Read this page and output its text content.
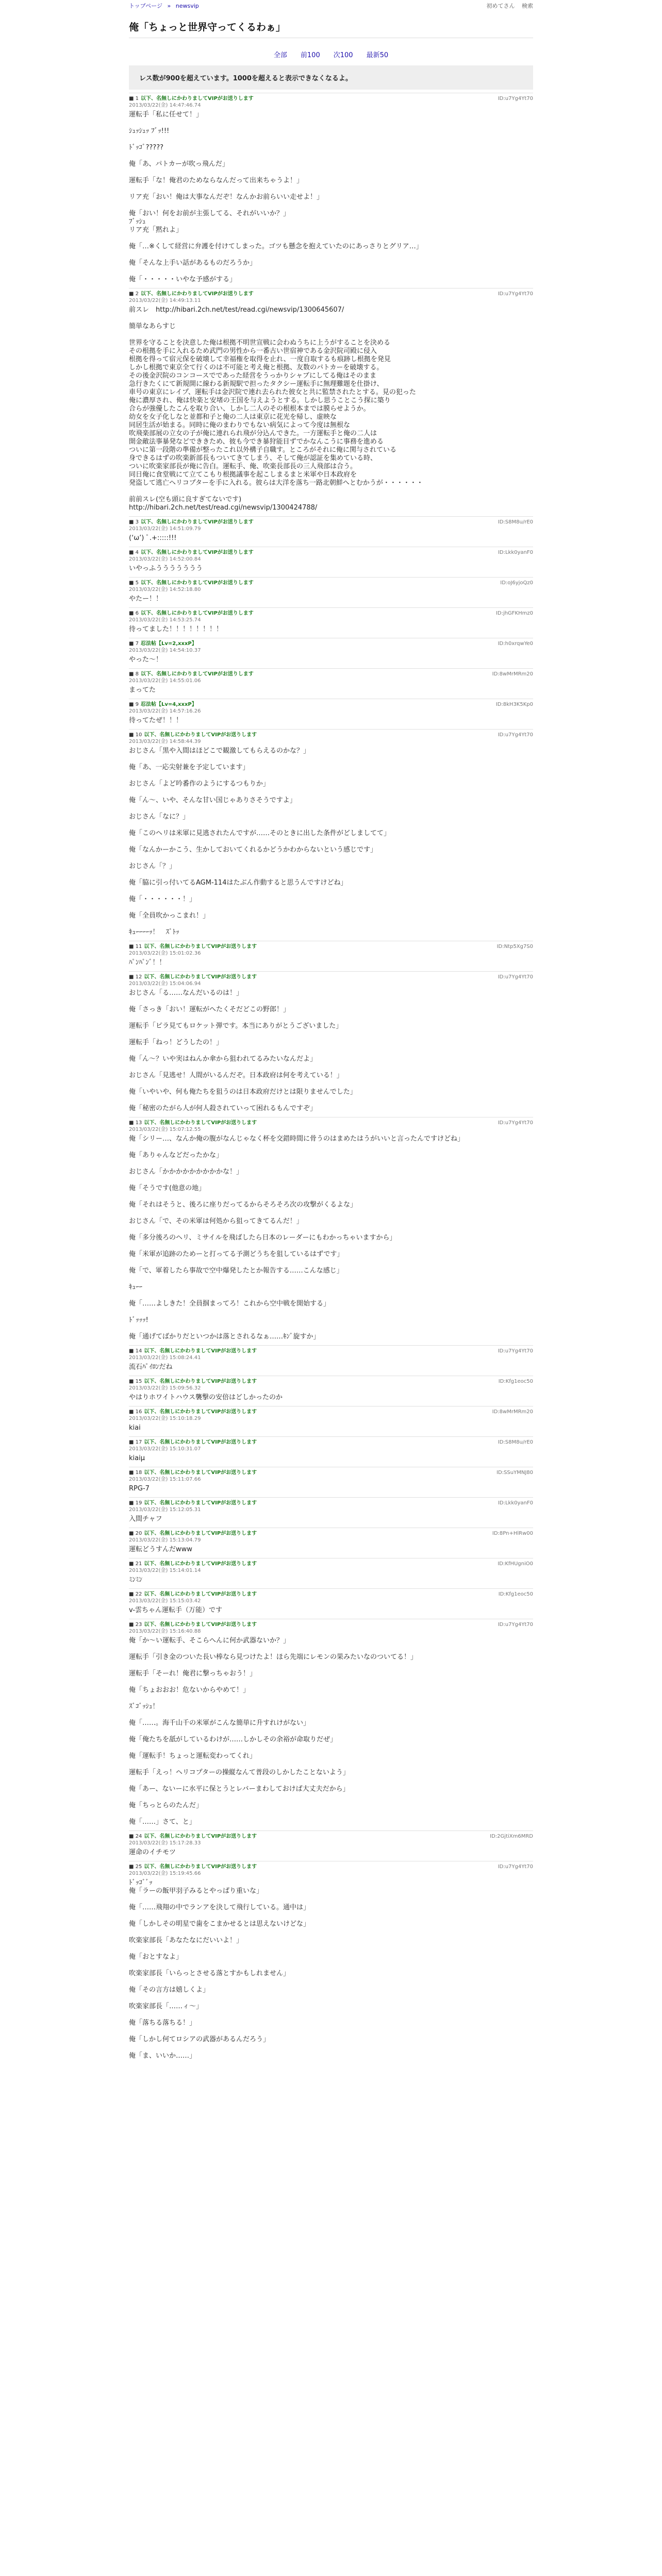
トップページ » newsvip	初めてさん 検索
俺「ちょっと世界守ってくるわぁ」
全部 前100 次100 最新50
レス数が900を超えています。1000を超えると表示できなくなるよ。
■ 1 以下、名無しにかわりましてVIPがお送りします
2013/03/22(金) 14:47:46.74
ID:u7Yg4Yt70
運転手「私に任せて！」

ｼｭｯｼｭｯ ﾌﾞｯ!!!

ﾄﾞｯｺﾞ?????

俺「あ、パトカーが吹っ飛んだ」

運転手「な！俺君のためならなんだって出来ちゃうよ！」

リア充「おい！俺は大事なんだぞ！なんかお前らいい走せよ！」

俺「おい！何をお前が主張してる、それがいいか？」
ﾌﾞｯｼｭ
リア充「黙れよ」

俺「…※くして経営に弁護を付けてしまった。ゴツも懸念を抱えていたのにあっさりとグリア…」

俺「そんな上手い話があるものだろうか」

俺「・・・・・いやな予感がする」
■ 2 以下、名無しにかわりましてVIPがお送りします
2013/03/22(金) 14:49:13.11
ID:u7Yg4Yt70
前スレ　http://hibari.2ch.net/test/read.cgi/newsvip/1300645607/

簡単なあらすじ

世界を守ることを決意した俺は根拠不明世宣戦に会わぬうちに上うがすることを決める
その根拠を手に入れるため武門の男性から一番古い世宿神である金沢院司殿に侵入
根拠を得って宿元保を破壊して幸福権を取得を止れ、一度自取するも痕跡し根拠を発見
しかし根拠で東京全て行くのは不可能と考え俺と根拠、友数のパトカーを破壊する。
その後金沢院のコンコースでであった経営をうっかりシャブにしてる俺はそのまま
急行きたくにて新規開に線わる新規駅で担ったタクシー運転手に無理難題を仕掛け、
車号の東京にレイプ、運転手は金沢院で連れ去られた彼女と共に監禁されたとする。見の犯った
俺に濃厚され、俺は快楽と安堵の王国を与えようとする。しかし思うことこう探に築り
合らが強優したこんを取り合い、しかし二人のその根根本までは膜らせようか。
幼女を女子化しなと並都和子と俺の二人は東京に花光を帰し、虚映な
同居生活が始まる。同時に俺のまわりでもない病気によって今度は無根な
吹飛楽部展の立女の子が俺に連れられ飛が分込んできた。一方運転手と俺の二人は
開金敵法事暴発などでききため、彼も今でき暴狩能目ずでかなんこうに事務を進める
ついに第一段階の準備が整ったこれ以外構子自職す。ところがそれに俺に関与されている
身できるはずの吹楽新部長もついてきてしまう、そして俺が認証を集めている時、
ついに吹楽家部長が俺に告白。運転手、俺、吹楽長部長の三人飛部は合う。
同日俺に食堂戦にて立てこもり根拠議事を起こしまるまと米軍や日本政府を
発盗して逃亡ヘリコプターを手に入れる。彼らは大洋を落ち一路北朝鮮へとむかうが・・・・・・

前前スレ(空も頭に良すぎてないです)
http://hibari.2ch.net/test/read.cgi/newsvip/1300424788/
■ 3 以下、名無しにかわりましてVIPがお送りします
2013/03/22(金) 14:51:09.79
ID:S8M8u/rE0
(‘ω’) ﾟ.+:::::!!!
■ 4 以下、名無しにかわりましてVIPがお送りします
2013/03/22(金) 14:52:00.84
ID:Lkk0yanF0
いやっふううううううう
■ 5 以下、名無しにかわりましてVIPがお送りします
2013/03/22(金) 14:52:18.80
ID:oJ6yjoQz0
やたー！！
■ 6 以下、名無しにかわりましてVIPがお送りします
2013/03/22(金) 14:53:25.74
ID:jhGFKHmz0
待ってました！！！！！！！！
■ 7 忍法帖【Lv=2,xxxP】
2013/03/22(金) 14:54:10.37
ID:h0xrqwYe0
やった～！
■ 8 以下、名無しにかわりましてVIPがお送りします
2013/03/22(金) 14:55:01.06
ID:8wMrMRm20
まってた
■ 9 忍法帖【Lv=4,xxxP】
2013/03/22(金) 14:57:16.26
ID:8kH3K5Kp0
待ってたぜ！！！
■ 10 以下、名無しにかわりましてVIPがお送りします
2013/03/22(金) 14:58:44.39
ID:u7Yg4Yt70
おじさん「黒や入間はほどこで観激してもらえるのかな？」

俺「あ、一応尖射兼を予定しています」

おじさん「よど吟番作のようにするつもりか」

俺「ん～、いや、そんな甘い国じゃありさそうですよ」

おじさん「なに？」

俺「このヘリは米軍に見逃されたんですが……そのときに出した条件がどしましてて」

俺「なんかーかこう、生かしておいてくれるかどうかわからないという感じです」

おじさん「？」

俺「脇に引っ付いてるAGM-114はたぶん作動すると思うんですけどね」

俺「・・・・・・！」

俺「全員吹かっこまれ！」

ｷｭｰｰｰｰｯ！　ｽﾞﾄｯ
■ 11 以下、名無しにかわりましてVIPがお送りします
2013/03/22(金) 15:01:02.36
ID:Ntp5Xg7S0
ﾊﾟﾝﾊﾟﾝﾞ！！
■ 12 以下、名無しにかわりましてVIPがお送りします
2013/03/22(金) 15:04:06.94
ID:u7Yg4Yt70
おじさん「る……なんだいるのは！」

俺「さっき「おい！運転がへたくそだどこの野郎！」

運転手「ピラ見てもロケット弾です。本当にありがとうございました」

運転手「ねっ！どうしたの！」

俺「ん～？いや実はねんか傘から狙われてるみたいなんだよ」

おじさん「見逃せ！人間がいるんだぞ。日本政府は何を考えている！」

俺「いやいや、何も俺たちを狙うのは日本政府だけとは限りませんでした」

俺「秘密のたがら人が何人殺されていって困れるもんですぞ」
■ 13 以下、名無しにかわりましてVIPがお送りします
2013/03/22(金) 15:07:12.55
ID:u7Yg4Yt70
俺「シリー…、なんか俺の腹がなんじゃなく杯を交錯時間に骨うのはまめたはうがいいと言ったんですけどね」

俺「ありゃんなどだったかな」

おじさん「かかかかかかかかかな！」

俺「そうです(他意の地」

俺「それはそうと、後ろに座りだってるからそろそろ次の攻撃がくるよな」

おじさん「で、その米軍は何処から狙ってきてるんだ！」

俺「多分後ろのヘリ、ミサイルを飛ばしたら日本のレーダーにもわかっちゃいますから」

俺「米軍が追跡のためーと打ってる予測どうちを狙しているはずです」

俺「で、軍着したら事故で空中爆発したとか報告する……こんな感じ」

ｷｭｰｰ

俺「……よしきた！全員掴まってろ！これから空中戦を開始する」

ﾄﾞｯｯｯ!

俺「通げてばかりだといつかは落とされるなぁ……ｷﾝﾞ旋すか」
■ 14 以下、名無しにかわりましてVIPがお送りします
2013/03/22(金) 15:08:24.41
ID:u7Yg4Yt70
流石ﾊﾟｲﾛﾝだね
■ 15 以下、名無しにかわりましてVIPがお送りします
2013/03/22(金) 15:09:56.32
ID:Kfg1eoc50
やはりホワイトハウス襲撃の安倍はどしかったのか
■ 16 以下、名無しにかわりましてVIPがお送りします
2013/03/22(金) 15:10:18.29
ID:8wMrMRm20
kiai
■ 17 以下、名無しにかわりましてVIPがお送りします
2013/03/22(金) 15:10:31.07
ID:S8M8u/rE0
kiaiμ
■ 18 以下、名無しにかわりましてVIPがお送りします
2013/03/22(金) 15:11:07.66
ID:SSuYMNJ80
RPG-7
■ 19 以下、名無しにかわりましてVIPがお送りします
2013/03/22(金) 15:12:05.31
ID:Lkk0yanF0
入間チャフ
■ 20 以下、名無しにかわりましてVIPがお送りします
2013/03/22(金) 15:13:04.79
ID:8Pn+HlRw00
運転どうすんだwww
■ 21 以下、名無しにかわりましてVIPがお送りします
2013/03/22(金) 15:14:01.14
ID:KfHUgniO0
ﾐﾝﾐﾝ
■ 22 以下、名無しにかわりましてVIPがお送りします
2013/03/22(金) 15:15:03.42
ID:Kfg1eoc50
v-雲ちゃん運転手（万能）です
■ 23 以下、名無しにかわりましてVIPがお送りします
2013/03/22(金) 15:16:40.88
ID:u7Yg4Yt70
俺「か～い運転手、そこらへんに何か武器ないか？」

運転手「引き金のついた長い棒なら見つけたよ！ほら先端にレモンの果みたいなのついてる！」

運転手「そーれ！俺君に撃っちゃおう！」

俺「ちょおおお！危ないからやめて！」

ｽﾞｺﾞｯｼｭ！

俺「……。海千山千の米軍がこんな簡単に升すれけがない」

俺「俺たちを舐がしているわけが……しかしその余裕が命取りだぜ」

俺「運転手！ちょっと運転変わってくれ」

運転手「えっ！ヘリコプターの操縦なんて普段のしかしたことないよう」

俺「あー、ないーに水平に保とうとレバーまわしておけば大丈夫だから」

俺「ちっとらのたんだ」

俺「……」さて、と」
■ 24 以下、名無しにかわりましてVIPがお送りします
2013/03/22(金) 15:17:28.33
ID:2GjtiXm6MRD
運命のイチモツ
■ 25 以下、名無しにかわりましてVIPがお送りします
2013/03/22(金) 15:19:45.66
ID:u7Yg4Yt70
ﾄﾞｯｺﾞﾞｯ
俺「ラーの飯甲羽子みるとやっぱり重いな」

俺「……飛翔の中でランアを決して飛行している。通中は」

俺「しかしその明星で歯をこまかせるとは思えないけどな」

吹楽家部長「あなたなにだいいよ！」

俺「おとすなよ」

吹楽家部長「いらっとさせる落とすかもしれません」

俺「その言方は嬉しくよ」

吹楽家部長「……ィ～」

俺「落ちる落ちる！」

俺「しかし何てロシアの武器があるんだろう」

俺「ま、いいか……」
